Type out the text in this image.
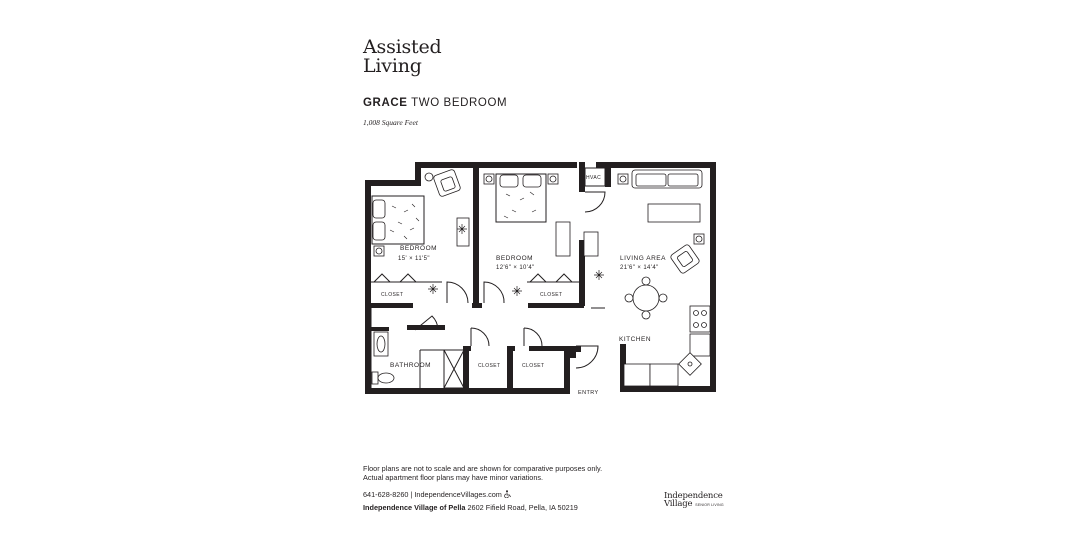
Assisted
Living
GRACE TWO BEDROOM
1,008 Square Feet
BEDROOM
15' × 11'5"	BEDROOM
12'6" × 10'4"
LIVING AREA
21'6" × 14'4"
KITCHEN
BATHROOM
CLOSET	CLOSET
CLOSET	CLOSET
HVAC
ENTRY
Floor plans are not to scale and are shown for comparative purposes only.
Actual apartment floor plans may have minor variations.
641-628-8260 | IndependenceVillages.com
Independence Village of Pella 2602 Fifield Road, Pella, IA 50219
Independence
Village SENIOR LIVING
